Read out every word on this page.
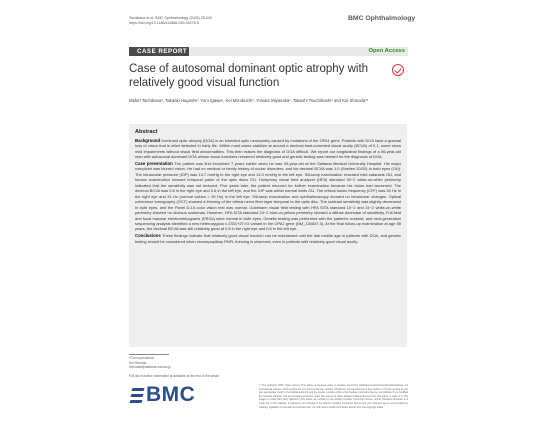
Tachibana et al. BMC Ophthalmology (2025) 25:443
https://doi.org/10.1186/s12886-025-04276-5
BMC Ophthalmology
CASE REPORT	Open Access
Case of autosomal dominant optic atrophy with relatively good visual function
Midori Tachibana¹, Takaaki Hayashi², Yuro Igawa¹, Kei Mizobuchi², Yosuke Miyasaka¹, Takashi Tsuchihashi³ and Kei Shinoda¹*
Abstract
Background Dominant optic atrophy (DOA) is an inherited optic neuropathy caused by mutations of the OPA1 gene. Patients with DOA have a gradual loss of vision that is often detected in early life. Within most cases stabilize at around a decimal best-corrected visual acuity (BCVA) of 0.1, some show mild impairments without visual field abnormalities. This then makes the diagnosis of DOA difficult. We report our longitudinal findings of a 56-year-old man with autosomal dominant DOA whose visual functions remained relatively good and genetic testing was needed for the diagnosis of DOA.
Case presentation The patient was first examined 7 years earlier when he was 49-year-old at the Saitama Medical University Hospital. His major complaint was blurred vision. He had no medical or family history of ocular disorders, and his decimal BCVA was 1.0 (Snellen 20/20) in both eyes (OU). The intraocular pressure (IOP) was 13.7 mmHg in the right eye and 14.0 mmHg in the left eye. Slit-lamp examination revealed mild cataracts OU, and fundus examination showed temporal pallor of the optic discs OU. Humphrey visual field analyzer (HFA) standard 30−2 white-on-white perimetry indicated that the sensitivity was not reduced. Five years later, the patient returned for further examination because his vision had worsened. The decimal BCVA was 0.8 in the right eye and 0.6 in the left eye, and the IOP was within normal limits OU. The critical fusion frequency (CFF) was 30 Hz in the right eye and 31 Hz (normal values > 39 Hz) in the left eye. Slit-lamp examination and ophthalmoscopy showed no intraocular changes. Optical coherence tomography (OCT) showed a thinning of the retinal nerve fiber layer temporal to the optic disc. The contrast sensitivity was slightly decreased in both eyes, and the Panel D-15 color vision test was normal. Goldmann visual field testing with HFA SITA standard 10−2 and 24−2 white-on-white perimetry showed no obvious scotomas. However, HFA SITA standard 24−2 blue-on-yellow perimetry showed a diffuse decrease of sensitivity. Full-field and focal macular electroretinograms (ERGs) were normal in both eyes. Genetic testing was performed with the patient's consent, and next-generation sequencing analysis identified a new heterozygous c.2331+2T>G variant in the OPA1 gene (NM_130837.3). At the final follow-up examination at age 55 years, the decimal BCVA was still relatively good at 0.8 in the right eye and 0.6 in the left eye.
Conclusions These findings indicate that relatively good visual function can be maintained until the late middle age in patients with DOA, and genetic testing should be considered when circumpapillary RNFL thinning is observed, even in patients with relatively good visual acuity.
*Correspondence:
Kei Shinoda
shinodak@saitama-med.ac.jp
Full list of author information is available at the end of the article
BMC	© The Author(s) 2025. Open Access This article is licensed under a Creative Commons Attribution-NonCommercial-NoDerivatives 4.0 International License, which permits any non-commercial use, sharing, distribution and reproduction in any medium or format, as long as you give appropriate credit to the original author(s) and the source, provide a link to the Creative Commons licence, and indicate if you modified the licensed material. You do not have permission under this licence to share adapted material derived from this article or parts of it. The images or other third party material in this article are included in the article's Creative Commons licence, unless indicated otherwise in a credit line to the material. If material is not included in the article's Creative Commons licence and your intended use is not permitted by statutory regulation or exceeds the permitted use, you will need to obtain permission directly from the copyright holder.
